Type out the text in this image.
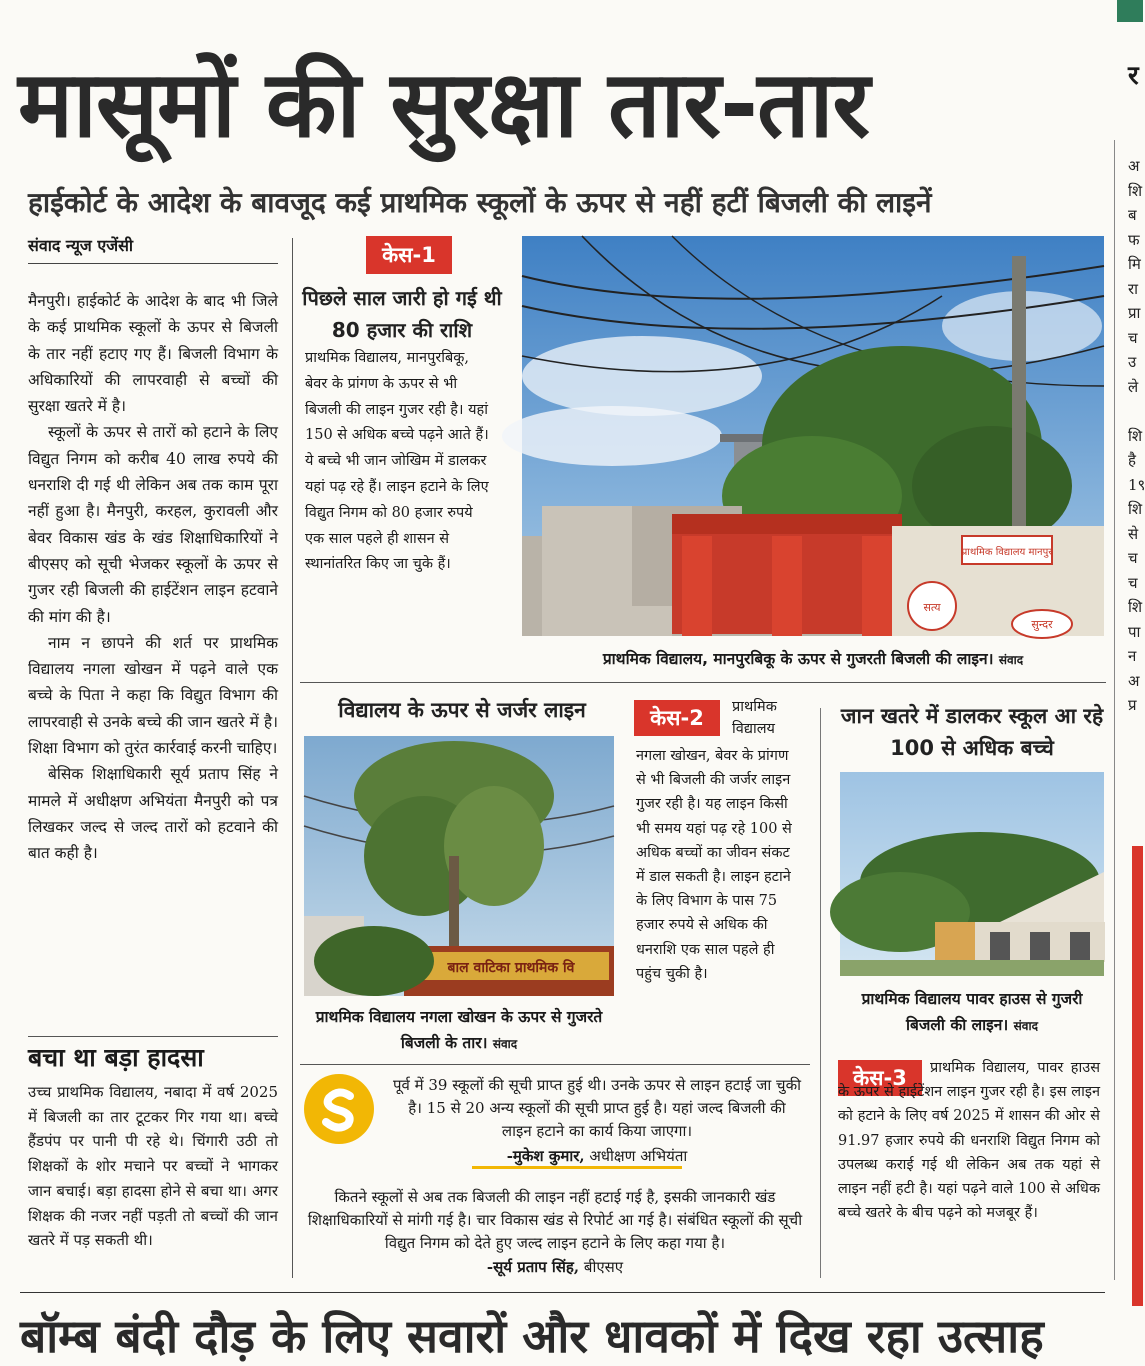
मासूमों की सुरक्षा तार-तार
हाईकोर्ट के आदेश के बावजूद कई प्राथमिक स्कूलों के ऊपर से नहीं हटीं बिजली की लाइनें
संवाद न्यूज एजेंसी

मैनपुरी। हाईकोर्ट के आदेश के बाद भी जिले के कई प्राथमिक स्कूलों के ऊपर से बिजली के तार नहीं हटाए गए हैं। बिजली विभाग के अधिकारियों की लापरवाही से बच्चों की सुरक्षा खतरे में है।

स्कूलों के ऊपर से तारों को हटाने के लिए विद्युत निगम को करीब 40 लाख रुपये की धनराशि दी गई थी लेकिन अब तक काम पूरा नहीं हुआ है। मैनपुरी, करहल, कुरावली और बेवर विकास खंड के खंड शिक्षाधिकारियों ने बीएसए को सूची भेजकर स्कूलों के ऊपर से गुजर रही बिजली की हाईटेंशन लाइन हटवाने की मांग की है।

नाम न छापने की शर्त पर प्राथमिक विद्यालय नगला खोखन में पढ़ने वाले एक बच्चे के पिता ने कहा कि विद्युत विभाग की लापरवाही से उनके बच्चे की जान खतरे में है। शिक्षा विभाग को तुरंत कार्रवाई करनी चाहिए।

बेसिक शिक्षाधिकारी सूर्य प्रताप सिंह ने मामले में अधीक्षण अभियंता मैनपुरी को पत्र लिखकर जल्द से जल्द तारों को हटवाने की बात कही है।

बचा था बड़ा हादसा
उच्च प्राथमिक विद्यालय, नबादा में वर्ष 2025 में बिजली का तार टूटकर गिर गया था। बच्चे हैंडपंप पर पानी पी रहे थे। चिंगारी उठी तो शिक्षकों के शोर मचाने पर बच्चों ने भागकर जान बचाई। बड़ा हादसा होने से बचा था। अगर शिक्षक की नजर नहीं पड़ती तो बच्चों की जान खतरे में पड़ सकती थी।
केस-1
पिछले साल जारी हो गई थी 80 हजार की राशि
प्राथमिक विद्यालय, मानपुरबिकू, बेवर के प्रांगण के ऊपर से भी बिजली की लाइन गुजर रही है। यहां 150 से अधिक बच्चे पढ़ने आते हैं। ये बच्चे भी जान जोखिम में डालकर यहां पढ़ रहे हैं। लाइन हटाने के लिए विद्युत निगम को 80 हजार रुपये एक साल पहले ही शासन से स्थानांतरित किए जा चुके हैं।
प्राथमिक विद्यालय मानपुर
सत्य
सुन्दर
प्राथमिक विद्यालय, मानपुरबिकू के ऊपर से गुजरती बिजली की लाइन। संवाद
विद्यालय के ऊपर से जर्जर लाइन
बाल वाटिका प्राथमिक वि
प्राथमिक विद्यालय नगला खोखन के ऊपर से गुजरते बिजली के तार। संवाद
केस-2	प्राथमिक विद्यालय
नगला खोखन, बेवर के प्रांगण से भी बिजली की जर्जर लाइन गुजर रही है। यह लाइन किसी भी समय यहां पढ़ रहे 100 से अधिक बच्चों का जीवन संकट में डाल सकती है। लाइन हटाने के लिए विभाग के पास 75 हजार रुपये से अधिक की धनराशि एक साल पहले ही पहुंच चुकी है।
जान खतरे में डालकर स्कूल आ रहे 100 से अधिक बच्चे
प्राथमिक विद्यालय पावर हाउस से गुजरी बिजली की लाइन। संवाद
केस-3	प्राथमिक विद्यालय, पावर हाउस के ऊपर से हाईटेंशन लाइन गुजर रही है। इस लाइन को हटाने के लिए वर्ष 2025 में शासन की ओर से 91.97 हजार रुपये की धनराशि विद्युत निगम को उपलब्ध कराई गई थी लेकिन अब तक यहां से लाइन नहीं हटी है। यहां पढ़ने वाले 100 से अधिक बच्चे खतरे के बीच पढ़ने को मजबूर हैं।
पूर्व में 39 स्कूलों की सूची प्राप्त हुई थी। उनके ऊपर से लाइन हटाई जा चुकी है। 15 से 20 अन्य स्कूलों की सूची प्राप्त हुई है। यहां जल्द बिजली की लाइन हटाने का कार्य किया जाएगा।
-मुकेश कुमार, अधीक्षण अभियंता
कितने स्कूलों से अब तक बिजली की लाइन नहीं हटाई गई है, इसकी जानकारी खंड शिक्षाधिकारियों से मांगी गई है। चार विकास खंड से रिपोर्ट आ गई है। संबंधित स्कूलों की सूची विद्युत निगम को देते हुए जल्द लाइन हटाने के लिए कहा गया है।
-सूर्य प्रताप सिंह, बीएसए
र
अ
शि
ब
फ
मि
रा
प्रा
च
उ
ले
शि
है
1९
शि
से
च
च
शि
पा
न
अ
प्र
बॉम्ब बंदी दौड़ के लिए सवारों और धावकों में दिख रहा उत्साह
